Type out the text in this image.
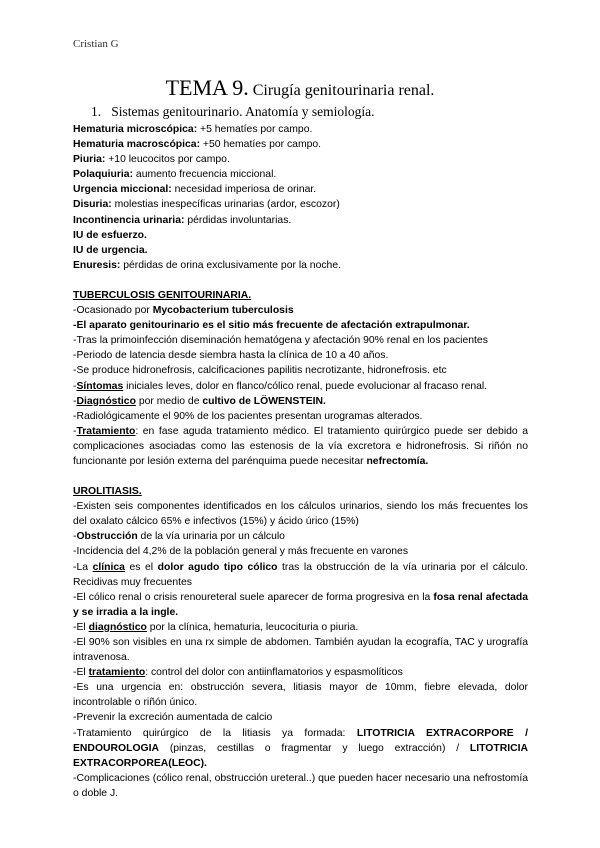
Cristian G
TEMA 9. Cirugía genitourinaria renal.
1.   Sistemas genitourinario. Anatomía y semiología.

Hematuria microscópica: +5 hematíes por campo.

Hematuria macroscópica: +50 hematíes por campo.

Piuria: +10 leucocitos por campo.

Polaquiuria: aumento frecuencia miccional.

Urgencia miccional: necesidad imperiosa de orinar.

Disuria: molestias inespecíficas urinarias (ardor, escozor)

Incontinencia urinaria: pérdidas involuntarias.

IU de esfuerzo.

IU de urgencia.

Enuresis: pérdidas de orina exclusivamente por la noche.

TUBERCULOSIS GENITOURINARIA.

-Ocasionado por Mycobacterium tuberculosis

-El aparato genitourinario es el sitio más frecuente de afectación extrapulmonar.

-Tras la primoinfección diseminación hematógena y afectación 90% renal en los pacientes

-Periodo de latencia desde siembra hasta la clínica de 10 a 40 años.

-Se produce hidronefrosis, calcificaciones papilitis necrotizante, hidronefrosis. etc

-Síntomas iniciales leves, dolor en flanco/cólico renal, puede evolucionar al fracaso renal.

-Diagnóstico por medio de cultivo de LÖWENSTEIN.

-Radiológicamente el 90% de los pacientes presentan urogramas alterados.

-Tratamiento: en fase aguda tratamiento médico. El tratamiento quirúrgico puede ser debido a complicaciones asociadas como las estenosis de la vía excretora e hidronefrosis. Si riñón no funcionante por lesión externa del parénquima puede necesitar nefrectomía.

UROLITIASIS.

-Existen seis componentes identificados en los cálculos urinarios, siendo los más frecuentes los del oxalato cálcico 65% e infectivos (15%) y ácido úrico (15%)

-Obstrucción de la vía urinaria por un cálculo

-Incidencia del 4,2% de la población general y más frecuente en varones

-La clínica es el dolor agudo tipo cólico tras la obstrucción de la vía urinaria por el cálculo. Recidivas muy frecuentes

-El cólico renal o crisis renoureteral suele aparecer de forma progresiva en la fosa renal afectada y se irradia a la ingle.

-El diagnóstico por la clínica, hematuria, leucocituria o piuria.

-El 90% son visibles en una rx simple de abdomen. También ayudan la ecografía, TAC y urografía intravenosa.

-El tratamiento: control del dolor con antiinflamatorios y espasmolíticos

-Es una urgencia en: obstrucción severa, litiasis mayor de 10mm, fiebre elevada, dolor incontrolable o riñón único.

-Prevenir la excreción aumentada de calcio

-Tratamiento quirúrgico de la litiasis ya formada: LITOTRICIA EXTRACORPORE / ENDOUROLOGIA (pinzas, cestillas o fragmentar y luego extracción) / LITOTRICIA EXTRACORPOREA(LEOC).

-Complicaciones (cólico renal, obstrucción ureteral..) que pueden hacer necesario una nefrostomía o doble J.
